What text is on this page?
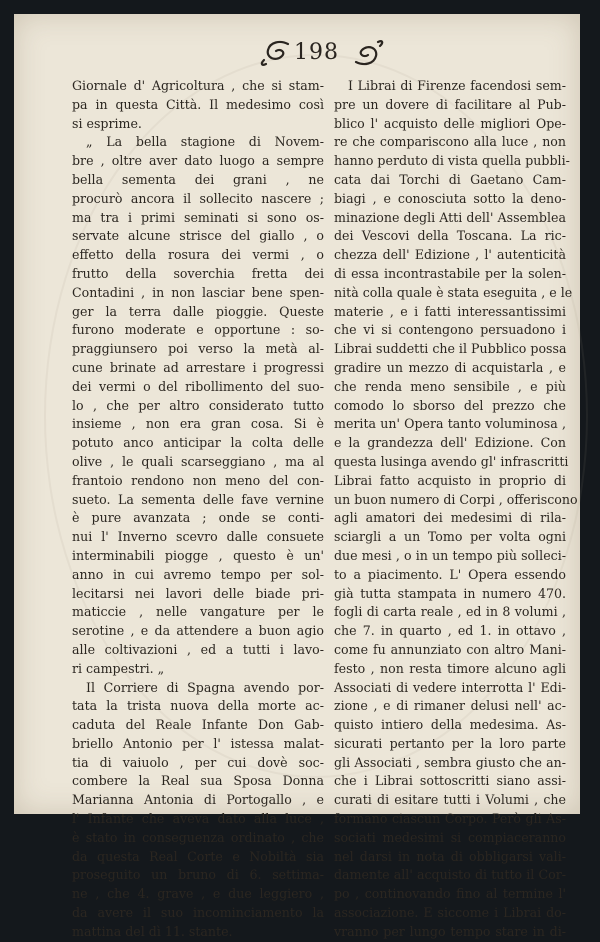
198
Giornale d' Agricoltura , che si stam-
pa in questa Città. Il medesimo così
si esprime.
„ La bella stagione di Novem-
bre , oltre aver dato luogo a sempre
bella sementa dei grani , ne
procurò ancora il sollecito nascere ;
ma tra i primi seminati si sono os-
servate alcune strisce del giallo , o
effetto della rosura dei vermi , o
frutto della soverchia fretta dei
Contadini , in non lasciar bene spen-
ger la terra dalle pioggie. Queste
furono moderate e opportune : so-
praggiunsero poi verso la metà al-
cune brinate ad arrestare i progressi
dei vermi o del ribollimento del suo-
lo , che per altro considerato tutto
insieme , non era gran cosa. Si è
potuto anco anticipar la colta delle
olive , le quali scarseggiano , ma al
frantoio rendono non meno del con-
sueto. La sementa delle fave vernine
è pure avanzata ; onde se conti-
nui l' Inverno scevro dalle consuete
interminabili piogge , questo è un'
anno in cui avremo tempo per sol-
lecitarsi nei lavori delle biade pri-
maticcie , nelle vangature per le
serotine , e da attendere a buon agio
alle coltivazioni , ed a tutti i lavo-
ri campestri. „
Il Corriere di Spagna avendo por-
tata la trista nuova della morte ac-
caduta del Reale Infante Don Gab-
briello Antonio per l' istessa malat-
tia di vaiuolo , per cui dovè soc-
combere la Real sua Sposa Donna
Marianna Antonia di Portogallo , e
l' Infante che aveva dato alla luce ,
è stato in conseguenza ordinato , che
da questa Real Corte e Nobiltà sia
proseguito un bruno di 6. settima-
ne , che 4. grave , e due leggiero ,
da avere il suo incominciamento la
mattina del dì 11. stante.
I Librai di Firenze facendosi sem-
pre un dovere di facilitare al Pub-
blico l' acquisto delle migliori Ope-
re che compariscono alla luce , non
hanno perduto di vista quella pubbli-
cata dai Torchi di Gaetano Cam-
biagi , e conosciuta sotto la deno-
minazione degli Atti dell' Assemblea
dei Vescovi della Toscana. La ric-
chezza dell' Edizione , l' autenticità
di essa incontrastabile per la solen-
nità colla quale è stata eseguita , e le
materie , e i fatti interessantissimi
che vi si contengono persuadono i
Librai suddetti che il Pubblico possa
gradire un mezzo di acquistarla , e
che renda meno sensibile , e più
comodo lo sborso del prezzo che
merita un' Opera tanto voluminosa ,
e la grandezza dell' Edizione. Con
questa lusinga avendo gl' infrascritti
Librai fatto acquisto in proprio di
un buon numero di Corpi , offeriscono
agli amatori dei medesimi di rila-
sciargli a un Tomo per volta ogni
due mesi , o in un tempo più solleci-
to a piacimento. L' Opera essendo
già tutta stampata in numero 470.
fogli di carta reale , ed in 8 volumi ,
che 7. in quarto , ed 1. in ottavo ,
come fu annunziato con altro Mani-
festo , non resta timore alcuno agli
Associati di vedere interrotta l' Edi-
zione , e di rimaner delusi nell' ac-
quisto intiero della medesima. As-
sicurati pertanto per la loro parte
gli Associati , sembra giusto che an-
che i Librai sottoscritti siano assi-
curati di esitare tutti i Volumi , che
formano ciascun Corpo. Però gli As-
sociati medesimi si compiaceranno
nel darsi in nota di obbligarsi vali-
damente all' acquisto di tutto il Cor-
po , continovando fino al termine l'
associazione. E siccome i Librai do-
vranno per lungo tempo stare in di-
